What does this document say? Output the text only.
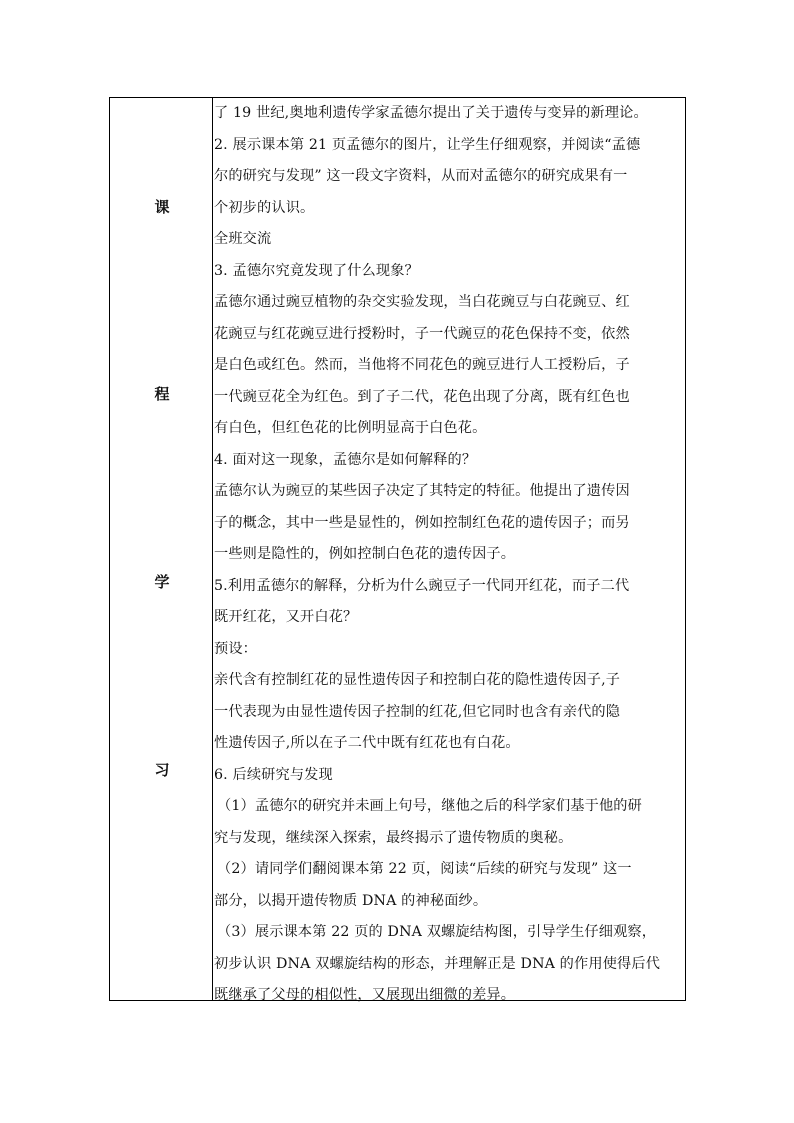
课
程
学
习
了 19 世纪,奥地利遗传学家孟德尔提出了关于遗传与变异的新理论。
2. 展示课本第 21 页孟德尔的图片，让学生仔细观察，并阅读“孟德
尔的研究与发现” 这一段文字资料，从而对孟德尔的研究成果有一
个初步的认识。
全班交流
3. 孟德尔究竟发现了什么现象？
孟德尔通过豌豆植物的杂交实验发现，当白花豌豆与白花豌豆、红
花豌豆与红花豌豆进行授粉时，子一代豌豆的花色保持不变，依然
是白色或红色。然而，当他将不同花色的豌豆进行人工授粉后，子
一代豌豆花全为红色。到了子二代，花色出现了分离，既有红色也
有白色，但红色花的比例明显高于白色花。
4. 面对这一现象，孟德尔是如何解释的？
孟德尔认为豌豆的某些因子决定了其特定的特征。他提出了遗传因
子的概念，其中一些是显性的，例如控制红色花的遗传因子；而另
一些则是隐性的，例如控制白色花的遗传因子。
5.利用孟德尔的解释，分析为什么豌豆子一代同开红花，而子二代
既开红花，又开白花？
预设：
亲代含有控制红花的显性遗传因子和控制白花的隐性遗传因子,子
一代表现为由显性遗传因子控制的红花,但它同时也含有亲代的隐
性遗传因子,所以在子二代中既有红花也有白花。
6. 后续研究与发现
（1）孟德尔的研究并未画上句号，继他之后的科学家们基于他的研
究与发现，继续深入探索，最终揭示了遗传物质的奥秘。
（2）请同学们翻阅课本第 22 页，阅读“后续的研究与发现” 这一
部分，以揭开遗传物质 DNA 的神秘面纱。
（3）展示课本第 22 页的 DNA 双螺旋结构图，引导学生仔细观察，
初步认识 DNA 双螺旋结构的形态，并理解正是 DNA 的作用使得后代
既继承了父母的相似性，又展现出细微的差异。
